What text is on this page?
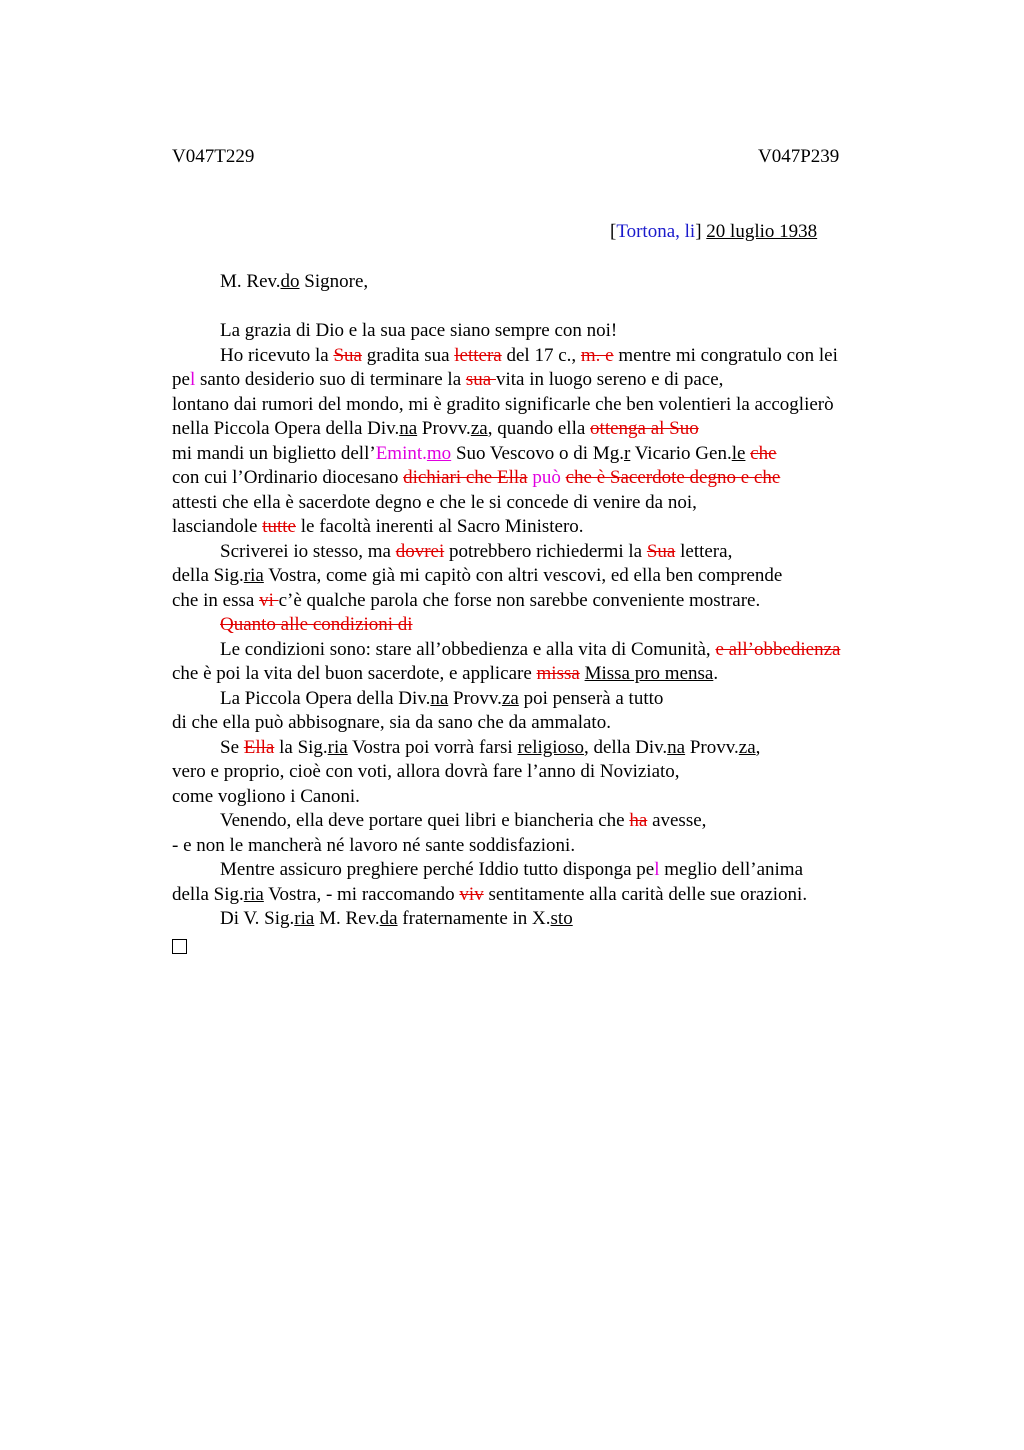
V047T229	V047P239
[Tortona, li] 20 luglio 1938
M. Rev.do Signore,
La grazia di Dio e la sua pace siano sempre con noi!
Ho ricevuto la Sua gradita sua lettera del 17 c., m. e mentre mi congratulo con lei
pel santo desiderio suo di terminare la sua vita in luogo sereno e di pace,
lontano dai rumori del mondo, mi è gradito significarle che ben volentieri la accoglierò
nella Piccola Opera della Div.na Provv.za, quando ella ottenga al Suo
mi mandi un biglietto dell’Emint.mo Suo Vescovo o di Mg.r Vicario Gen.le che
con cui l’Ordinario diocesano dichiari che Ella può che è Sacerdote degno e che
attesti che ella è sacerdote degno e che le si concede di venire da noi,
lasciandole tutte le facoltà inerenti al Sacro Ministero.
Scriverei io stesso, ma dovrei potrebbero richiedermi la Sua lettera,
della Sig.ria Vostra, come già mi capitò con altri vescovi, ed ella ben comprende
che in essa vi c’è qualche parola che forse non sarebbe conveniente mostrare.
Quanto alle condizioni di
Le condizioni sono: stare all’obbedienza e alla vita di Comunità, e all’obbedienza
che è poi la vita del buon sacerdote, e applicare missa Missa pro mensa.
La Piccola Opera della Div.na Provv.za poi penserà a tutto
di che ella può abbisognare, sia da sano che da ammalato.
Se Ella la Sig.ria Vostra poi vorrà farsi religioso, della Div.na Provv.za,
vero e proprio, cioè con voti, allora dovrà fare l’anno di Noviziato,
come vogliono i Canoni.
Venendo, ella deve portare quei libri e biancheria che ha avesse,
- e non le mancherà né lavoro né sante soddisfazioni.
Mentre assicuro preghiere perché Iddio tutto disponga pel meglio dell’anima
della Sig.ria Vostra, - mi raccomando viv sentitamente alla carità delle sue orazioni.
Di V. Sig.ria M. Rev.da fraternamente in X.sto
